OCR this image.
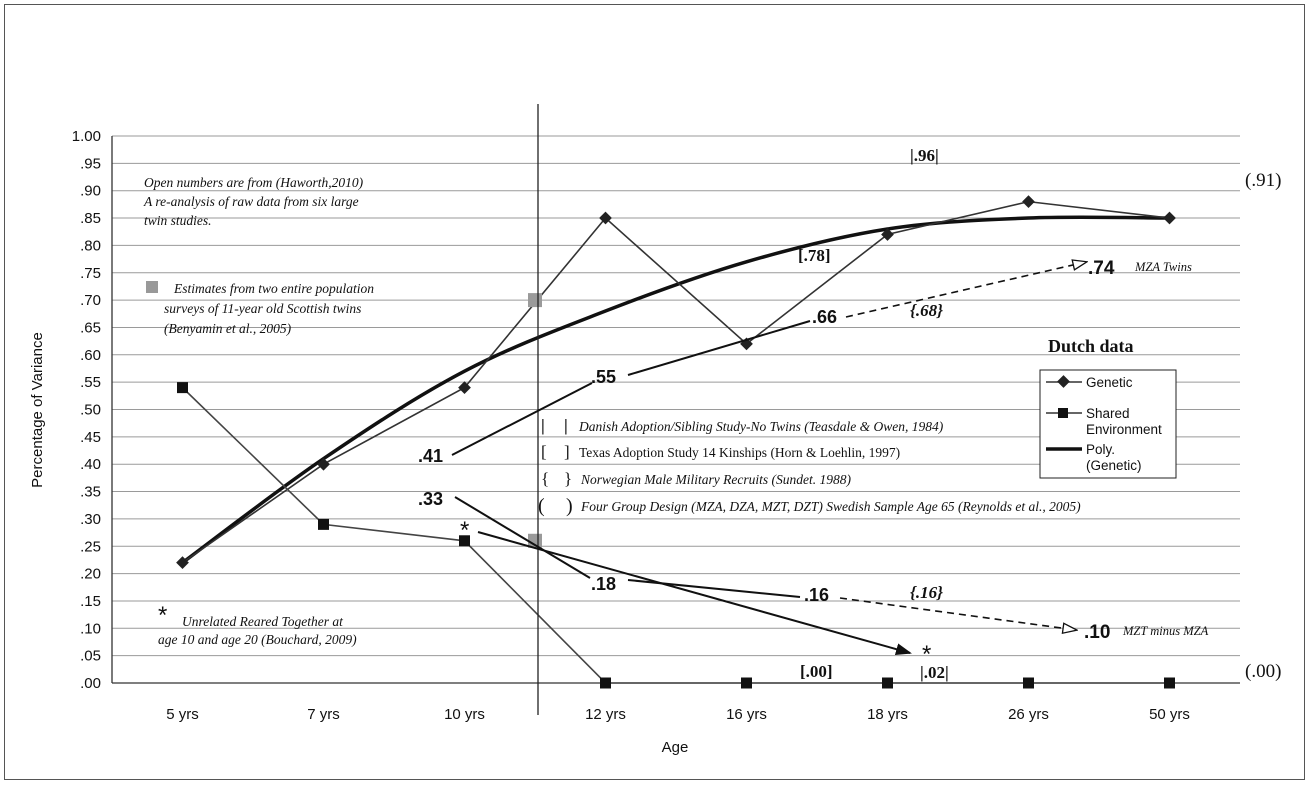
.00
.05
.10
.15
.20
.25
.30
.35
.40
.45
.50
.55
.60
.65
.70
.75
.80
.85
.90
.95
1.00
5 yrs	7 yrs	10 yrs	12 yrs	16 yrs	18 yrs	26 yrs	50 yrs
Age
Percentage of Variance	.41
.55
.66
.74 MZA Twins
.33
.18
.16
.10 MZT minus MZA
|.96|
[.78]
{.68}
{.16}
[.00]	|.02|
(.91)
(.00)
*
*
*
Open numbers are from (Haworth,2010)
A re-analysis of raw data from six large
twin studies.
Estimates from two entire population
surveys of 11-year old Scottish twins
(Benyamin et al., 2005)
Unrelated Reared Together at
age 10 and age 20 (Bouchard, 2009)
| | Danish Adoption/Sibling Study-No Twins (Teasdale & Owen, 1984)
[ ] Texas Adoption Study 14 Kinships (Horn & Loehlin, 1997)
{ } Norwegian Male Military Recruits (Sundet. 1988)
( ) Four Group Design (MZA, DZA, MZT, DZT) Swedish Sample Age 65 (Reynolds et al., 2005)
Dutch data
Genetic
Shared Environment
Poly. (Genetic)
